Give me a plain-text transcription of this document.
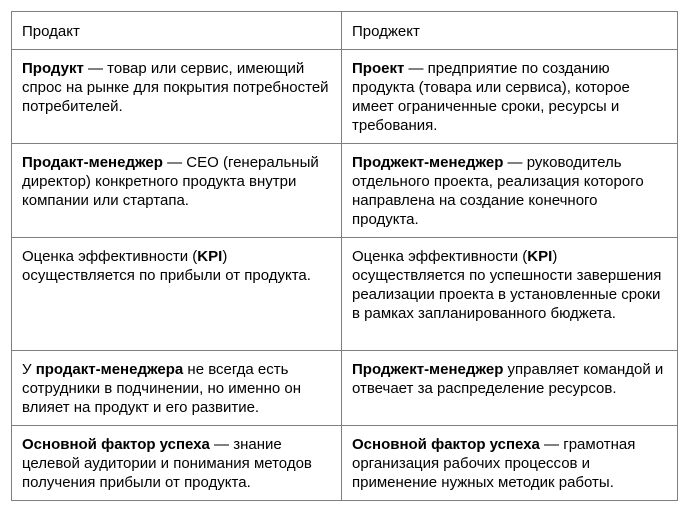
Продакт	Проджект
Продукт — товар или сервис, имеющий спрос на рынке для покрытия потребностей потребителей.	Проект — предприятие по созданию продукта (товара или сервиса), которое имеет ограниченные сроки, ресурсы и требования.
Продакт-менеджер — CEO (генеральный директор) конкретного продукта внутри компании или стартапа.	Проджект-менеджер — руководитель отдельного проекта, реализация которого направлена на создание конечного продукта.
Оценка эффективности (KPI) осуществляется по прибыли от продукта.	Оценка эффективности (KPI) осуществляется по успешности завершения реализации проекта в установленные сроки в рамках запланированного бюджета.
У продакт-менеджера не всегда есть сотрудники в подчинении, но именно он влияет на продукт и его развитие.	Проджект-менеджер управляет командой и отвечает за распределение ресурсов.
Основной фактор успеха — знание целевой аудитории и понимания методов получения прибыли от продукта.	Основной фактор успеха — грамотная организация рабочих процессов и применение нужных методик работы.
